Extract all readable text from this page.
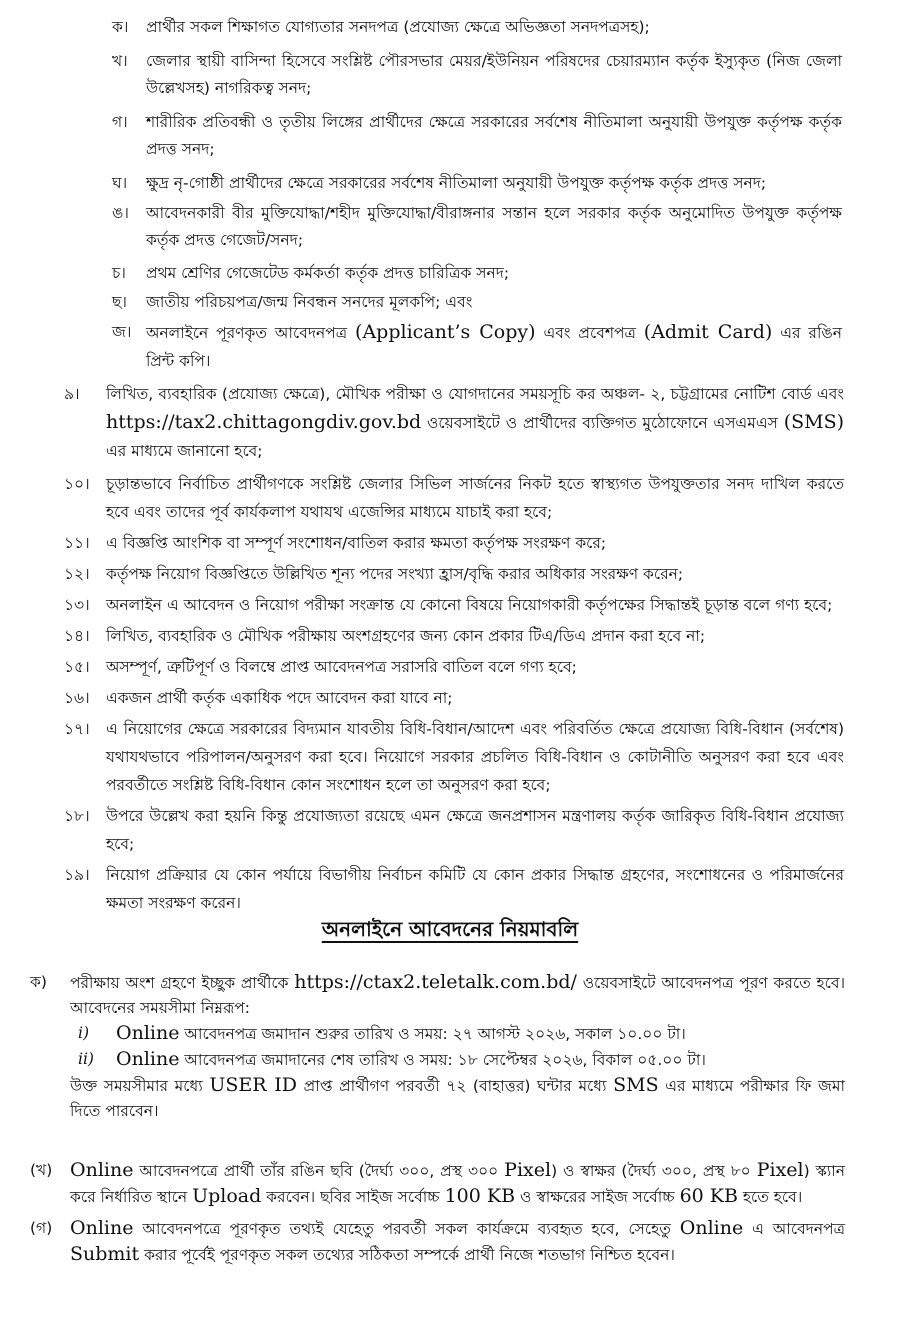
ক।	প্রার্থীর সকল শিক্ষাগত যোগ্যতার সনদপত্র (প্রযোজ্য ক্ষেত্রে অভিজ্ঞতা সনদপত্রসহ);
খ।	জেলার স্থায়ী বাসিন্দা হিসেবে সংশ্লিষ্ট পৌরসভার মেয়র/ইউনিয়ন পরিষদের চেয়ারম্যান কর্তৃক ইস্যুকৃত (নিজ জেলা উল্লেখসহ) নাগরিকত্ব সনদ;
গ।	শারীরিক প্রতিবন্ধী ও তৃতীয় লিঙ্গের প্রার্থীদের ক্ষেত্রে সরকারের সর্বশেষ নীতিমালা অনুযায়ী উপযুক্ত কর্তৃপক্ষ কর্তৃক প্রদত্ত সনদ;
ঘ।	ক্ষুদ্র নৃ-গোষ্ঠী প্রার্থীদের ক্ষেত্রে সরকারের সর্বশেষ নীতিমালা অনুযায়ী উপযুক্ত কর্তৃপক্ষ কর্তৃক প্রদত্ত সনদ;
ঙ।	আবেদনকারী বীর মুক্তিযোদ্ধা/শহীদ মুক্তিযোদ্ধা/বীরাঙ্গনার সন্তান হলে সরকার কর্তৃক অনুমোদিত উপযুক্ত কর্তৃপক্ষ কর্তৃক প্রদত্ত গেজেট/সনদ;
চ।	প্রথম শ্রেণির গেজেটেড কর্মকর্তা কর্তৃক প্রদত্ত চারিত্রিক সনদ;
ছ।	জাতীয় পরিচয়পত্র/জন্ম নিবন্ধন সনদের মূলকপি; এবং
জ। অনলাইনে পূরণকৃত আবেদনপত্র (Applicant’s Copy) এবং প্রবেশপত্র (Admit Card) এর রঙিন প্রিন্ট কপি।
৯।	লিখিত, ব্যবহারিক (প্রযোজ্য ক্ষেত্রে), মৌখিক পরীক্ষা ও যোগদানের সময়সূচি কর অঞ্চল- ২, চট্টগ্রামের নোটিশ বোর্ড এবং https://tax2.chittagongdiv.gov.bd ওয়েবসাইটে ও প্রার্থীদের ব্যক্তিগত মুঠোফোনে এসএমএস (SMS) এর মাধ্যমে জানানো হবে;
১০।	চূড়ান্তভাবে নির্বাচিত প্রার্থীগণকে সংশ্লিষ্ট জেলার সিভিল সার্জনের নিকট হতে স্বাস্থ্যগত উপযুক্ততার সনদ দাখিল করতে হবে এবং তাদের পূর্ব কার্যকলাপ যথাযথ এজেন্সির মাধ্যমে যাচাই করা হবে;
১১।	এ বিজ্ঞপ্তি আংশিক বা সম্পূর্ণ সংশোধন/বাতিল করার ক্ষমতা কর্তৃপক্ষ সংরক্ষণ করে;
১২।	কর্তৃপক্ষ নিয়োগ বিজ্ঞপ্তিতে উল্লিখিত শূন্য পদের সংখ্যা হ্রাস/বৃদ্ধি করার অধিকার সংরক্ষণ করেন;
১৩।	অনলাইন এ আবেদন ও নিয়োগ পরীক্ষা সংক্রান্ত যে কোনো বিষয়ে নিয়োগকারী কর্তৃপক্ষের সিদ্ধান্তই চূড়ান্ত বলে গণ্য হবে;
১৪।	লিখিত, ব্যবহারিক ও মৌখিক পরীক্ষায় অংশগ্রহণের জন্য কোন প্রকার টিএ/ডিএ প্রদান করা হবে না;
১৫।	অসম্পূর্ণ, ত্রুটিপূর্ণ ও বিলম্বে প্রাপ্ত আবেদনপত্র সরাসরি বাতিল বলে গণ্য হবে;
১৬।	একজন প্রার্থী কর্তৃক একাধিক পদে আবেদন করা যাবে না;
১৭।	এ নিয়োগের ক্ষেত্রে সরকারের বিদ্যমান যাবতীয় বিধি-বিধান/আদেশ এবং পরিবর্তিত ক্ষেত্রে প্রযোজ্য বিধি-বিধান (সর্বশেষ) যথাযথভাবে পরিপালন/অনুসরণ করা হবে। নিয়োগে সরকার প্রচলিত বিধি-বিধান ও কোটানীতি অনুসরণ করা হবে এবং পরবর্তীতে সংশ্লিষ্ট বিধি-বিধান কোন সংশোধন হলে তা অনুসরণ করা হবে;
১৮।	উপরে উল্লেখ করা হয়নি কিন্তু প্রযোজ্যতা রয়েছে এমন ক্ষেত্রে জনপ্রশাসন মন্ত্রণালয় কর্তৃক জারিকৃত বিধি-বিধান প্রযোজ্য হবে;
১৯।	নিয়োগ প্রক্রিয়ার যে কোন পর্যায়ে বিভাগীয় নির্বাচন কমিটি যে কোন প্রকার সিদ্ধান্ত গ্রহণের, সংশোধনের ও পরিমার্জনের ক্ষমতা সংরক্ষণ করেন।
অনলাইনে আবেদনের নিয়মাবলি
ক)	পরীক্ষায় অংশ গ্রহণে ইচ্ছুক প্রার্থীকে https://ctax2.teletalk.com.bd/ ওয়েবসাইটে আবেদনপত্র পূরণ করতে হবে। আবেদনের সময়সীমা নিম্নরূপ:
i)	Online আবেদনপত্র জমাদান শুরুর তারিখ ও সময়: ২৭ আগস্ট ২০২৬, সকাল ১০.০০ টা।
ii)	Online আবেদনপত্র জমাদানের শেষ তারিখ ও সময়: ১৮ সেপ্টেম্বর ২০২৬, বিকাল ০৫.০০ টা।
উক্ত সময়সীমার মধ্যে USER ID প্রাপ্ত প্রার্থীগণ পরবর্তী ৭২ (বাহাত্তর) ঘন্টার মধ্যে SMS এর মাধ্যমে পরীক্ষার ফি জমা দিতে পারবেন।
(খ) Online আবেদনপত্রে প্রার্থী তাঁর রঙিন ছবি (দৈর্ঘ্য ৩০০, প্রস্থ ৩০০ Pixel) ও স্বাক্ষর (দৈর্ঘ্য ৩০০, প্রস্থ ৮০ Pixel) স্ক্যান করে নির্ধারিত স্থানে Upload করবেন। ছবির সাইজ সর্বোচ্চ 100 KB ও স্বাক্ষরের সাইজ সর্বোচ্চ 60 KB হতে হবে।
(গ) Online আবেদনপত্রে পূরণকৃত তথ্যই যেহেতু পরবর্তী সকল কার্যক্রমে ব্যবহৃত হবে, সেহেতু Online এ আবেদনপত্র Submit করার পূর্বেই পূরণকৃত সকল তথ্যের সঠিকতা সম্পর্কে প্রার্থী নিজে শতভাগ নিশ্চিত হবেন।
